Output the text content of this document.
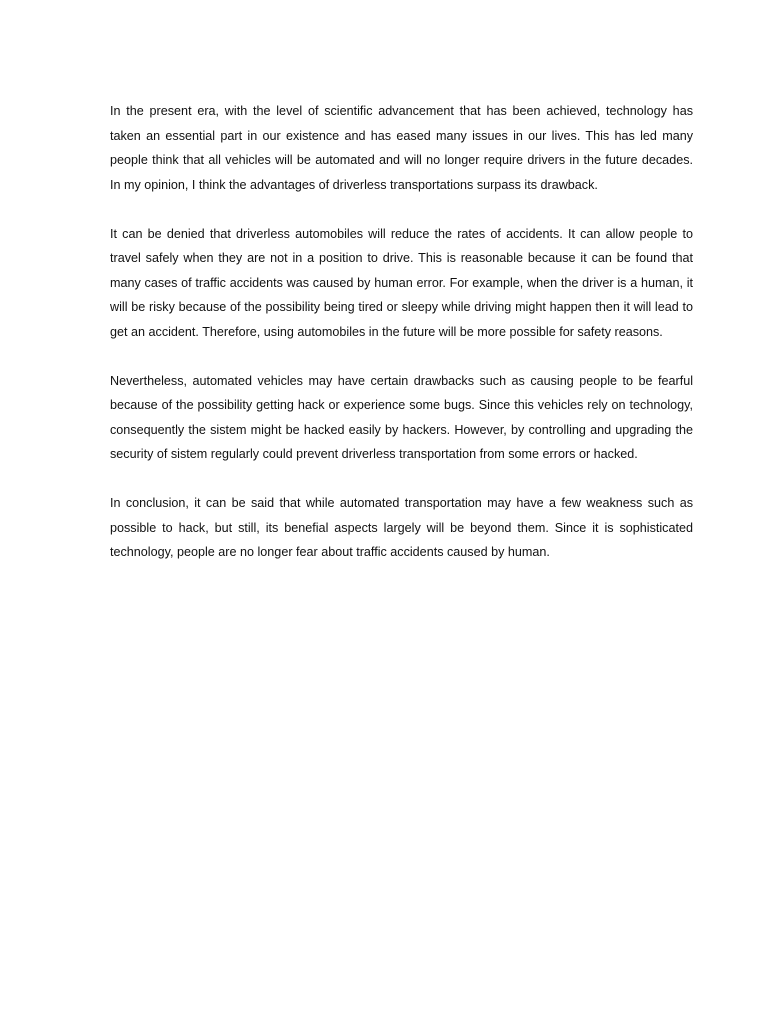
In the present era, with the level of scientific advancement that has been achieved, technology has taken an essential part in our existence and has eased many issues in our lives. This has led many people think that all vehicles will be automated and will no longer require drivers in the future decades. In my opinion, I think the advantages of driverless transportations surpass its drawback.

It can be denied that driverless automobiles will reduce the rates of accidents. It can allow people to travel safely when they are not in a position to drive. This is reasonable because it can be found that many cases of traffic accidents was caused by human error. For example, when the driver is a human, it will be risky because of the possibility being tired or sleepy while driving might happen then it will lead to get an accident. Therefore, using automobiles in the future will be more possible for safety reasons.

Nevertheless, automated vehicles may have certain drawbacks such as causing people to be fearful because of the possibility getting hack or experience some bugs. Since this vehicles rely on technology, consequently the sistem might be hacked easily by hackers. However, by controlling and upgrading the security of sistem regularly could prevent driverless transportation from some errors or hacked.

In conclusion, it can be said that while automated transportation may have a few weakness such as possible to hack, but still, its benefial aspects largely will be beyond them. Since it is sophisticated technology, people are no longer fear about traffic accidents caused by human.
